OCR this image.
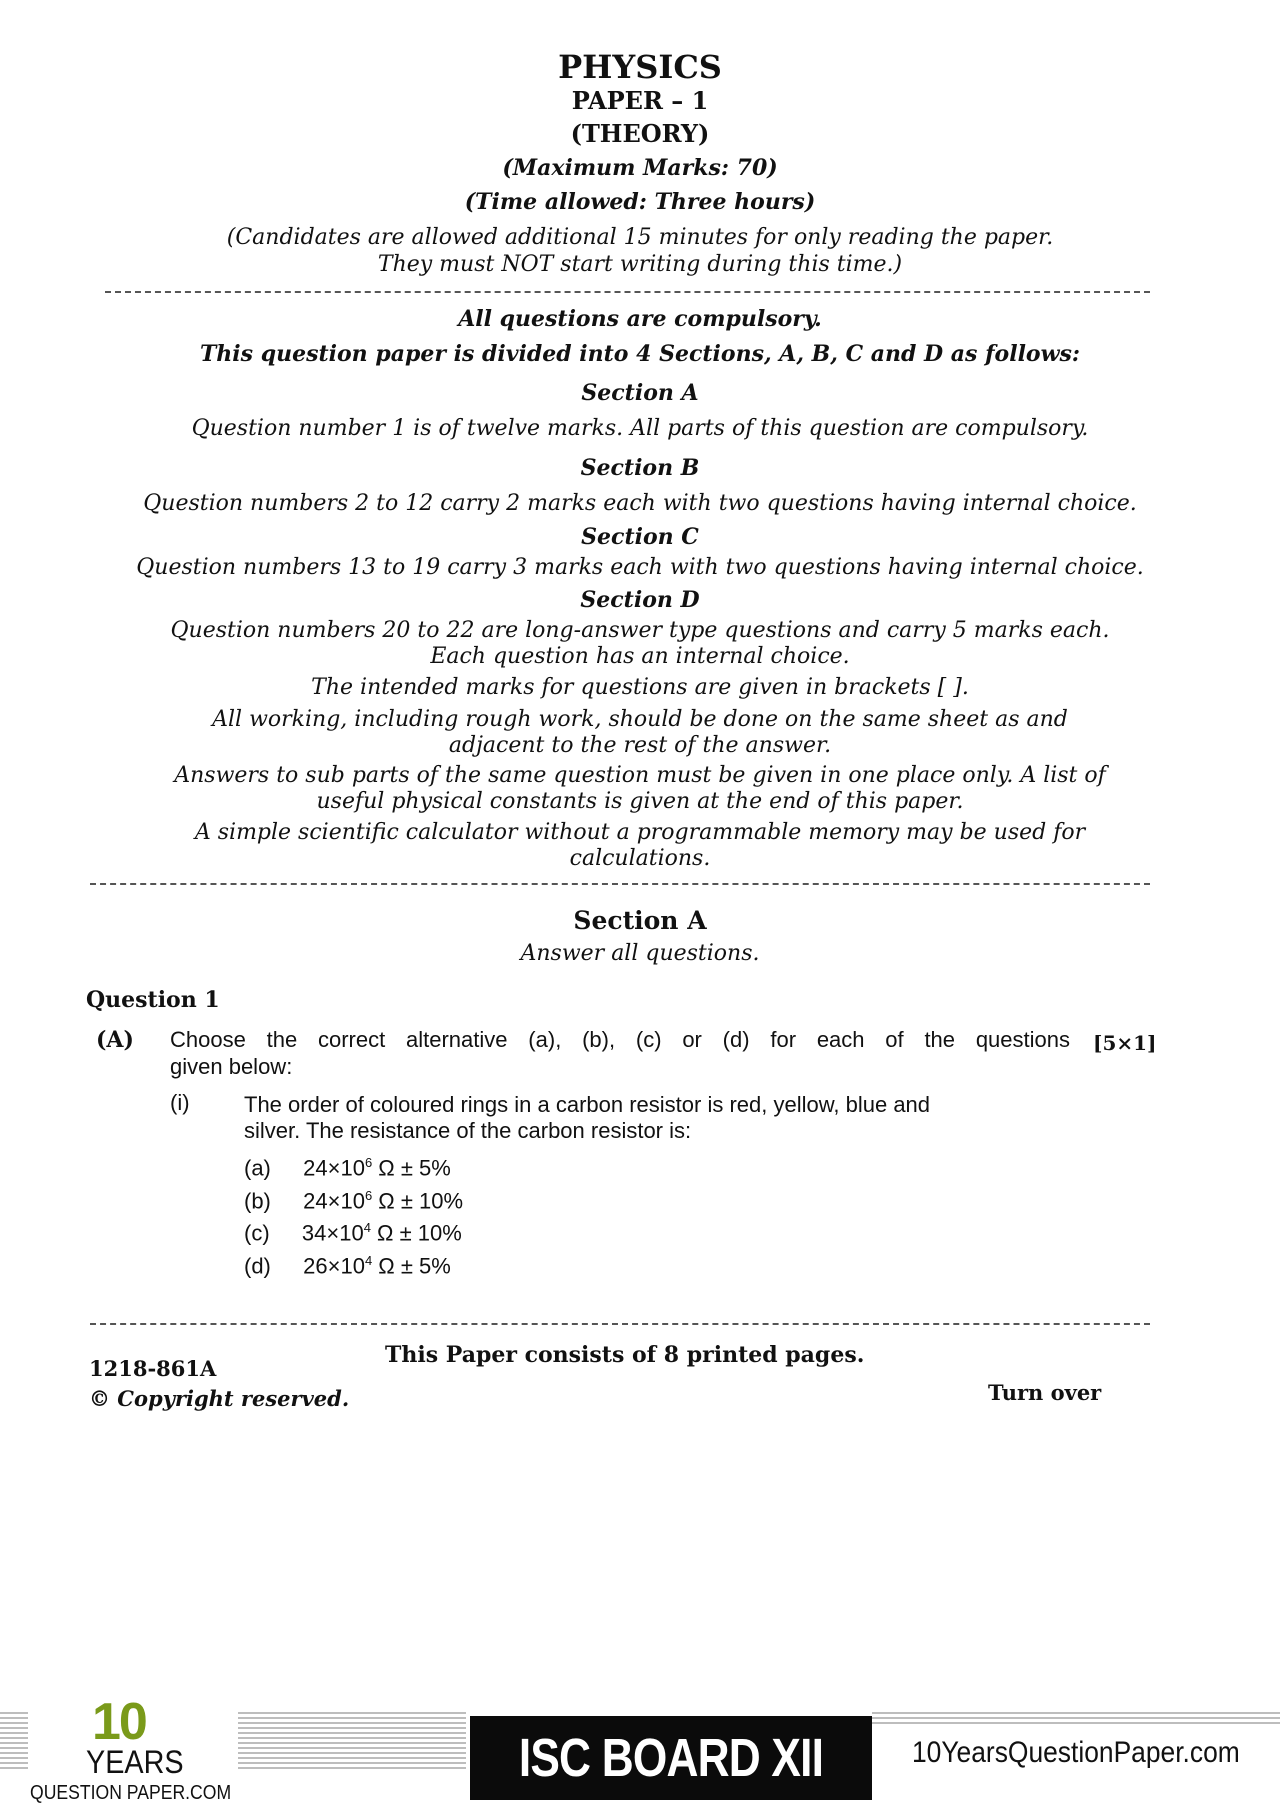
PHYSICS
PAPER – 1
(THEORY)
(Maximum Marks: 70)
(Time allowed: Three hours)
(Candidates are allowed additional 15 minutes for only reading the paper.
They must NOT start writing during this time.)
All questions are compulsory.
This question paper is divided into 4 Sections, A, B, C and D as follows:
Section A
Question number 1 is of twelve marks. All parts of this question are compulsory.
Section B
Question numbers 2 to 12 carry 2 marks each with two questions having internal choice.
Section C
Question numbers 13 to 19 carry 3 marks each with two questions having internal choice.
Section D
Question numbers 20 to 22 are long-answer type questions and carry 5 marks each.
Each question has an internal choice.
The intended marks for questions are given in brackets [ ].
All working, including rough work, should be done on the same sheet as and
adjacent to the rest of the answer.
Answers to sub parts of the same question must be given in one place only. A list of
useful physical constants is given at the end of this paper.
A simple scientific calculator without a programmable memory may be used for
calculations.
Section A
Answer all questions.
Question 1
(A) Choose the correct alternative (a), (b), (c) or (d) for each of the questions
given below:
[5×1]
(i) The order of coloured rings in a carbon resistor is red, yellow, blue and
silver. The resistance of the carbon resistor is:
(a) $24\times 10^6$ Ω ± 5%
(b) $24\times 10^6$ Ω ± 10%
(c) $34\times 10^4$ Ω ± 10%
(d) $26\times 10^4$ Ω ± 5%
This Paper consists of 8 printed pages.
1218-861A
© Copyright reserved.	Turn over
10
YEARS
QUESTION PAPER.COM
ISC BOARD XII	10YearsQuestionPaper.com
